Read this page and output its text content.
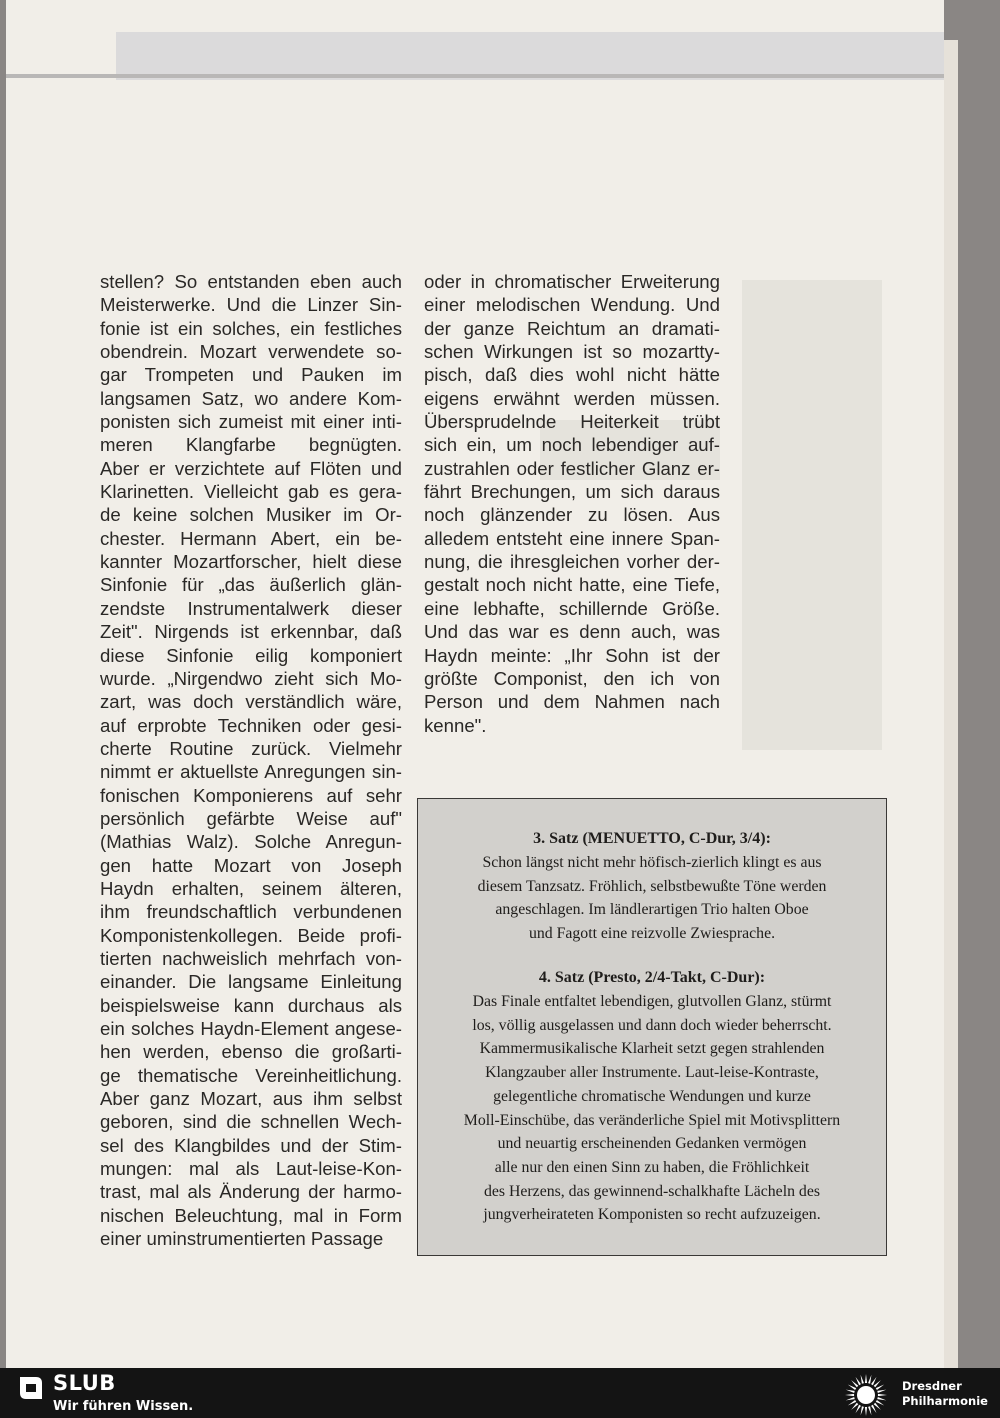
stellen? So entstanden eben auch
Meisterwerke. Und die Linzer Sin-
fonie ist ein solches, ein festliches
obendrein. Mozart verwendete so-
gar Trompeten und Pauken im
langsamen Satz, wo andere Kom-
ponisten sich zumeist mit einer inti-
meren Klangfarbe begnügten.
Aber er verzichtete auf Flöten und
Klarinetten. Vielleicht gab es gera-
de keine solchen Musiker im Or-
chester. Hermann Abert, ein be-
kannter Mozartforscher, hielt diese
Sinfonie für „das äußerlich glän-
zendste Instrumentalwerk dieser
Zeit". Nirgends ist erkennbar, daß
diese Sinfonie eilig komponiert
wurde. „Nirgendwo zieht sich Mo-
zart, was doch verständlich wäre,
auf erprobte Techniken oder gesi-
cherte Routine zurück. Vielmehr
nimmt er aktuellste Anregungen sin-
fonischen Komponierens auf sehr
persönlich gefärbte Weise auf"
(Mathias Walz). Solche Anregun-
gen hatte Mozart von Joseph
Haydn erhalten, seinem älteren,
ihm freundschaftlich verbundenen
Komponistenkollegen. Beide profi-
tierten nachweislich mehrfach von-
einander. Die langsame Einleitung
beispielsweise kann durchaus als
ein solches Haydn-Element angese-
hen werden, ebenso die großarti-
ge thematische Vereinheitlichung.
Aber ganz Mozart, aus ihm selbst
geboren, sind die schnellen Wech-
sel des Klangbildes und der Stim-
mungen: mal als Laut-leise-Kon-
trast, mal als Änderung der harmo-
nischen Beleuchtung, mal in Form
einer uminstrumentierten Passage
oder in chromatischer Erweiterung
einer melodischen Wendung. Und
der ganze Reichtum an dramati-
schen Wirkungen ist so mozartty-
pisch, daß dies wohl nicht hätte
eigens erwähnt werden müssen.
Übersprudelnde Heiterkeit trübt
sich ein, um noch lebendiger auf-
zustrahlen oder festlicher Glanz er-
fährt Brechungen, um sich daraus
noch glänzender zu lösen. Aus
alledem entsteht eine innere Span-
nung, die ihresgleichen vorher der-
gestalt noch nicht hatte, eine Tiefe,
eine lebhafte, schillernde Größe.
Und das war es denn auch, was
Haydn meinte: „Ihr Sohn ist der
größte Componist, den ich von
Person und dem Nahmen nach
kenne".
3. Satz (MENUETTO, C-Dur, 3/4):
Schon längst nicht mehr höfisch-zierlich klingt es aus
diesem Tanzsatz. Fröhlich, selbstbewußte Töne werden
angeschlagen. Im ländlerartigen Trio halten Oboe
und Fagott eine reizvolle Zwiesprache.
4. Satz (Presto, 2/4-Takt, C-Dur):
Das Finale entfaltet lebendigen, glutvollen Glanz, stürmt
los, völlig ausgelassen und dann doch wieder beherrscht.
Kammermusikalische Klarheit setzt gegen strahlenden
Klangzauber aller Instrumente. Laut-leise-Kontraste,
gelegentliche chromatische Wendungen und kurze
Moll-Einschübe, das veränderliche Spiel mit Motivsplittern
und neuartig erscheinenden Gedanken vermögen
alle nur den einen Sinn zu haben, die Fröhlichkeit
des Herzens, das gewinnend-schalkhafte Lächeln des
jungverheirateten Komponisten so recht aufzuzeigen.
SLUB
Wir führen Wissen.
Dresdner
Philharmonie
